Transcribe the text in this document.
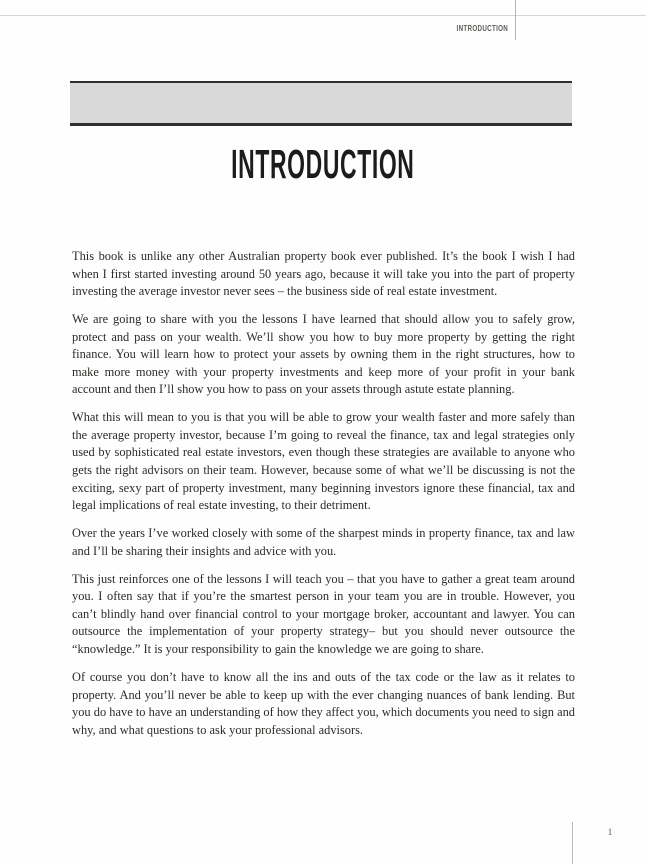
INTRODUCTION
INTRODUCTION

This book is unlike any other Australian property book ever published. It’s the book I wish I had when I first started investing around 50 years ago, because it will take you into the part of property investing the average investor never sees – the business side of real estate investment.

We are going to share with you the lessons I have learned that should allow you to safely grow, protect and pass on your wealth. We’ll show you how to buy more property by getting the right finance. You will learn how to protect your assets by owning them in the right structures, how to make more money with your property investments and keep more of your profit in your bank account and then I’ll show you how to pass on your assets through astute estate planning.

What this will mean to you is that you will be able to grow your wealth faster and more safely than the average property investor, because I’m going to reveal the finance, tax and legal strategies only used by sophisticated real estate investors, even though these strategies are available to anyone who gets the right advisors on their team. However, because some of what we’ll be discussing is not the exciting, sexy part of property investment, many beginning investors ignore these financial, tax and legal implications of real estate investing, to their detriment.

Over the years I’ve worked closely with some of the sharpest minds in property finance, tax and law and I’ll be sharing their insights and advice with you.

This just reinforces one of the lessons I will teach you – that you have to gather a great team around you. I often say that if you’re the smartest person in your team you are in trouble. However, you can’t blindly hand over financial control to your mortgage broker, accountant and lawyer. You can outsource the implementation of your property strategy– but you should never outsource the “knowledge.” It is your responsibility to gain the knowledge we are going to share.

Of course you don’t have to know all the ins and outs of the tax code or the law as it relates to property. And you’ll never be able to keep up with the ever changing nuances of bank lending. But you do have to have an understanding of how they affect you, which documents you need to sign and why, and what questions to ask your professional advisors.

1
